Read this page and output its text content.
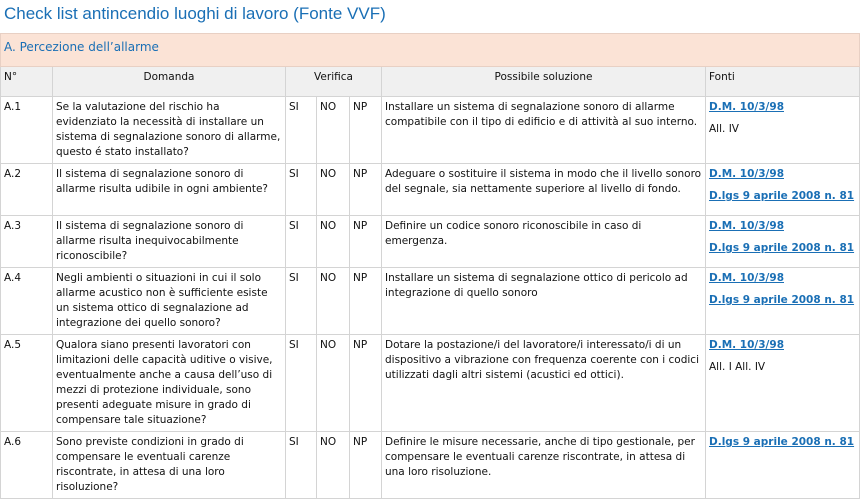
Check list antincendio luoghi di lavoro (Fonte VVF)
A. Percezione dell’allarme						
N°	Domanda	Verifica			Possibile soluzione	Fonti
A.1	Se la valutazione del rischio ha evidenziato la necessità di installare un sistema di segnalazione sonoro di allarme, questo é stato installato?	SI	NO	NP	Installare un sistema di segnalazione sonoro di allarme compatibile con il tipo di edificio e di attività al suo interno.	D.M. 10/3/98
All. IV

A.2	Il sistema di segnalazione sonoro di allarme risulta udibile in ogni ambiente?	SI	NO	NP	Adeguare o sostituire il sistema in modo che il livello sonoro del segnale, sia nettamente superiore al livello di fondo.	D.M. 10/3/98
D.lgs 9 aprile 2008 n. 81

A.3	Il sistema di segnalazione sonoro di allarme risulta inequivocabilmente riconoscibile?	SI	NO	NP	Definire un codice sonoro riconoscibile in caso di emergenza.	D.M. 10/3/98
D.lgs 9 aprile 2008 n. 81

A.4	Negli ambienti o situazioni in cui il solo allarme acustico non è sufficiente esiste un sistema ottico di segnalazione ad integrazione dei quello sonoro?	SI	NO	NP	Installare un sistema di segnalazione ottico di pericolo ad integrazione di quello sonoro	D.M. 10/3/98
D.lgs 9 aprile 2008 n. 81

A.5	Qualora siano presenti lavoratori con limitazioni delle capacità uditive o visive, eventualmente anche a causa dell’uso di mezzi di protezione individuale, sono presenti adeguate misure in grado di compensare tale situazione?	SI	NO	NP	Dotare la postazione/i del lavoratore/i interessato/i di un dispositivo a vibrazione con frequenza coerente con i codici utilizzati dagli altri sistemi (acustici ed ottici).	D.M. 10/3/98
All. I All. IV

A.6	Sono previste condizioni in grado di compensare le eventuali carenze riscontrate, in attesa di una loro risoluzione?	SI	NO	NP	Definire le misure necessarie, anche di tipo gestionale, per compensare le eventuali carenze riscontrate, in attesa di una loro risoluzione.	D.lgs 9 aprile 2008 n. 81
